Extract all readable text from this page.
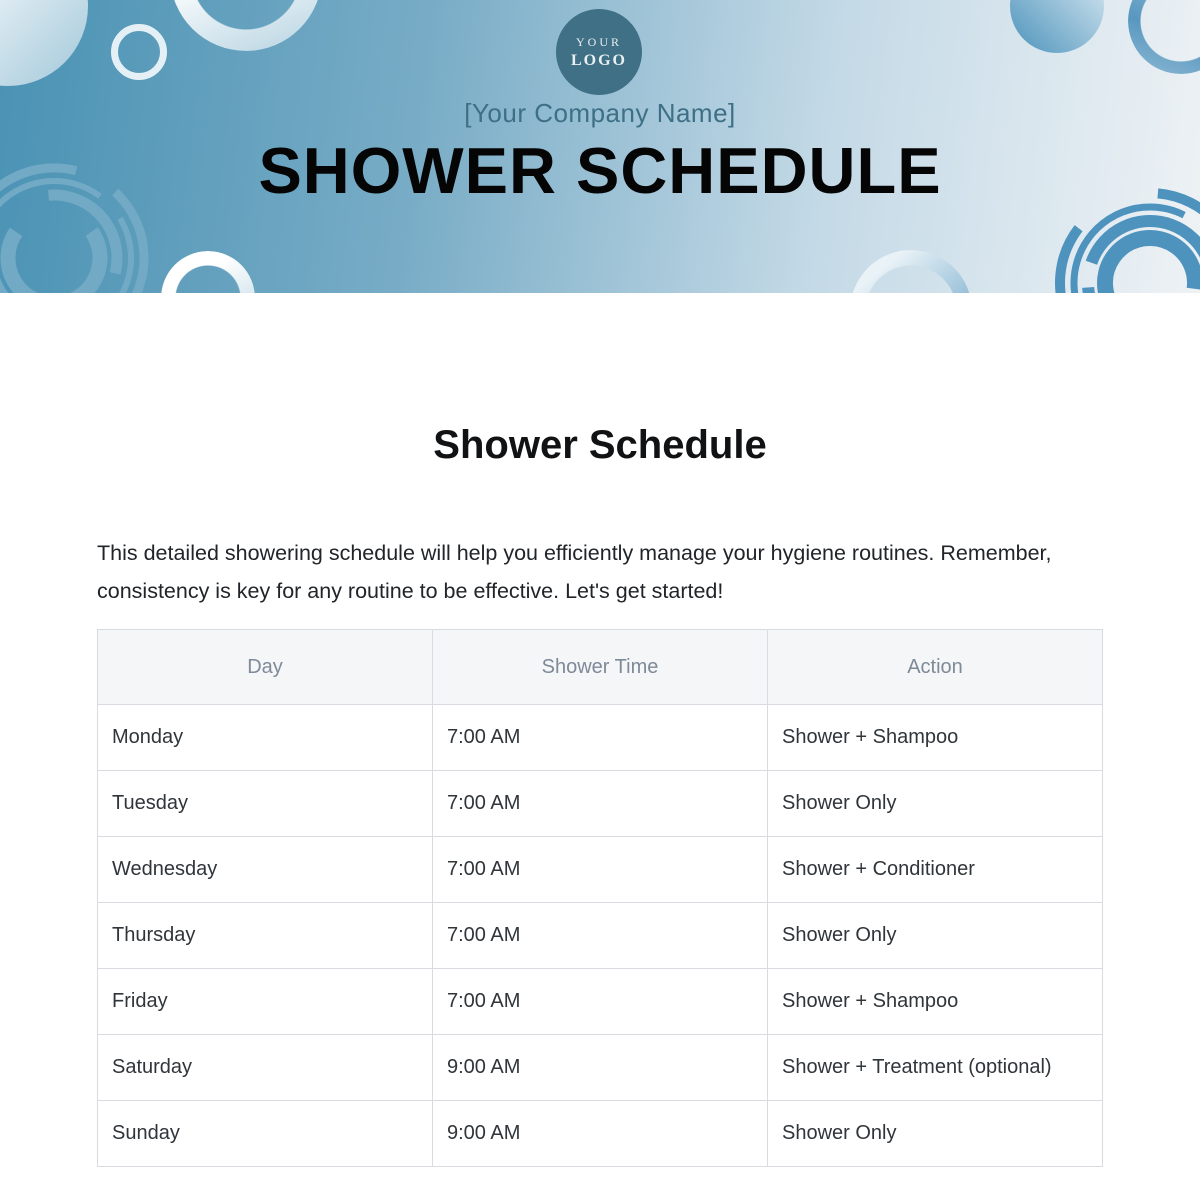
YOUR
LOGO
[Your Company Name]
SHOWER SCHEDULE
Shower Schedule

This detailed showering schedule will help you efficiently manage your hygiene routines. Remember, consistency is key for any routine to be effective. Let's get started!

Day	Shower Time	Action
Monday	7:00 AM	Shower + Shampoo
Tuesday	7:00 AM	Shower Only
Wednesday	7:00 AM	Shower + Conditioner
Thursday	7:00 AM	Shower Only
Friday	7:00 AM	Shower + Shampoo
Saturday	9:00 AM	Shower + Treatment (optional)
Sunday	9:00 AM	Shower Only
